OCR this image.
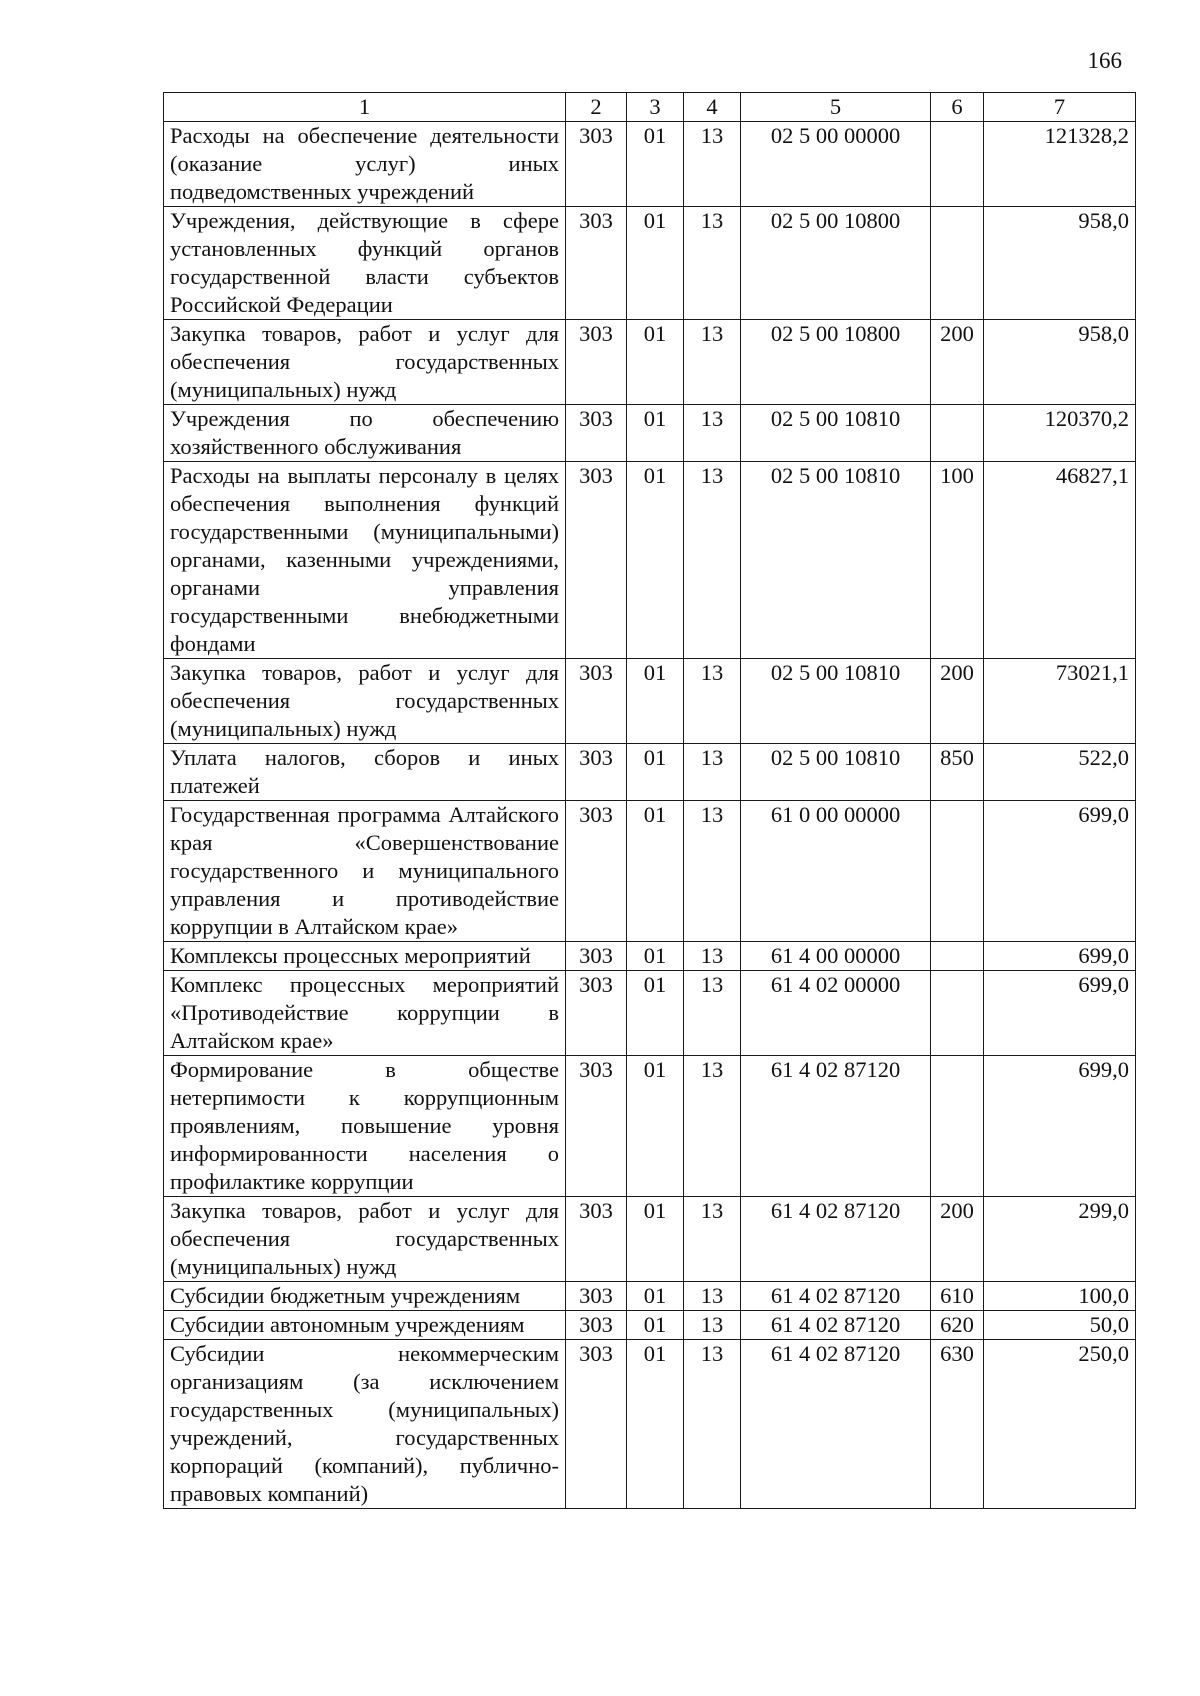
166
1	2	3	4	5	6	7
Расходы на обеспечение деятельности (оказание услуг) иных подведомственных учреждений	303	01	13	02 5 00 00000		121328,2
Учреждения, действующие в сфере установленных функций органов государственной власти субъектов Российской Федерации	303	01	13	02 5 00 10800		958,0
Закупка товаров, работ и услуг для обеспечения государственных (муниципальных) нужд	303	01	13	02 5 00 10800	200	958,0
Учреждения по обеспечению хозяйственного обслуживания	303	01	13	02 5 00 10810		120370,2
Расходы на выплаты персоналу в целях обеспечения выполнения функций государственными (муниципальными) органами, казенными учреждениями, органами управления государственными внебюджетными фондами	303	01	13	02 5 00 10810	100	46827,1
Закупка товаров, работ и услуг для обеспечения государственных (муниципальных) нужд	303	01	13	02 5 00 10810	200	73021,1
Уплата налогов, сборов и иных платежей	303	01	13	02 5 00 10810	850	522,0
Государственная программа Алтайского края «Совершенствование государственного и муниципального управления и противодействие коррупции в Алтайском крае»	303	01	13	61 0 00 00000		699,0
Комплексы процессных мероприятий	303	01	13	61 4 00 00000		699,0
Комплекс процессных мероприятий «Противодействие коррупции в Алтайском крае»	303	01	13	61 4 02 00000		699,0
Формирование в обществе нетерпимости к коррупционным проявлениям, повышение уровня информированности населения о профилактике коррупции	303	01	13	61 4 02 87120		699,0
Закупка товаров, работ и услуг для обеспечения государственных (муниципальных) нужд	303	01	13	61 4 02 87120	200	299,0
Субсидии бюджетным учреждениям	303	01	13	61 4 02 87120	610	100,0
Субсидии автономным учреждениям	303	01	13	61 4 02 87120	620	50,0
Субсидии некоммерческим организациям (за исключением государственных (муниципальных) учреждений, государственных корпораций (компаний), публично-правовых компаний)	303	01	13	61 4 02 87120	630	250,0
